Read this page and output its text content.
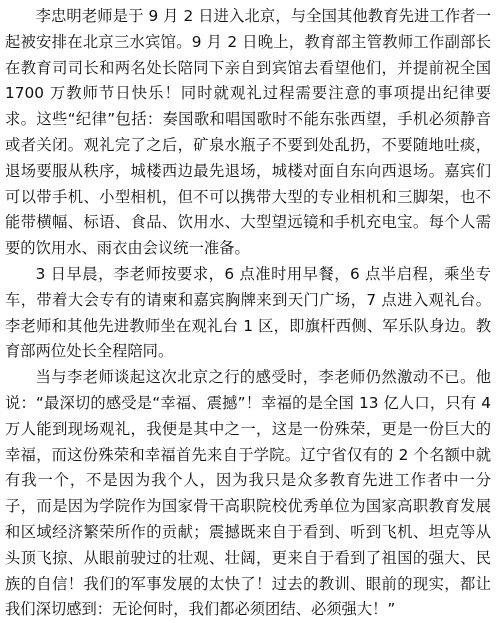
李忠明老师是于 9 月 2 日进入北京，与全国其他教育先进工作者一起被安排在北京三水宾馆。9 月 2 日晚上，教育部主管教师工作副部长在教育司司长和两名处长陪同下亲自到宾馆去看望他们，并提前祝全国 1700 万教师节日快乐！同时就观礼过程需要注意的事项提出纪律要求。这些“纪律”包括：奏国歌和唱国歌时不能东张西望，手机必须静音或者关闭。观礼完了之后，矿泉水瓶子不要到处乱扔，不要随地吐痰，退场要服从秩序，城楼西边最先退场，城楼对面自东向西退场。嘉宾们可以带手机、小型相机，但不可以携带大型的专业相机和三脚架，也不能带横幅、标语、食品、饮用水、大型望远镜和手机充电宝。每个人需要的饮用水、雨衣由会议统一准备。

3 日早晨，李老师按要求，6 点准时用早餐，6 点半启程，乘坐专车，带着大会专有的请柬和嘉宾胸牌来到天门广场，7 点进入观礼台。李老师和其他先进教师坐在观礼台 1 区，即旗杆西侧、军乐队身边。教育部两位处长全程陪同。

当与李老师谈起这次北京之行的感受时，李老师仍然激动不已。他说：“最深切的感受是“幸福、震撼”！幸福的是全国 13 亿人口，只有 4 万人能到现场观礼，我便是其中之一，这是一份殊荣，更是一份巨大的幸福，而这份殊荣和幸福首先来自于学院。辽宁省仅有的 2 个名额中就有我一个，不是因为我个人，因为我只是众多教育先进工作者中一分子，而是因为学院作为国家骨干高职院校优秀单位为国家高职教育发展和区域经济繁荣所作的贡献；震撼既来自于看到、听到飞机、坦克等从头顶飞掠、从眼前驶过的壮观、壮阔，更来自于看到了祖国的强大、民族的自信！我们的军事发展的太快了！过去的教训、眼前的现实，都让我们深切感到：无论何时，我们都必须团结、必须强大！”
